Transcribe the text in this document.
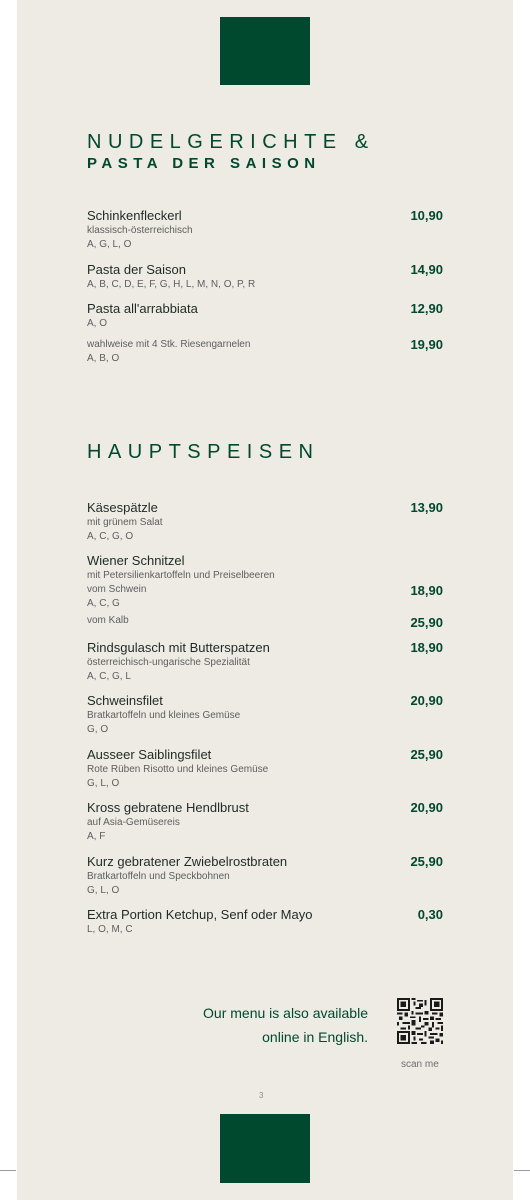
NUDELGERICHTE &
PASTA DER SAISON
Schinkenfleckerl
klassisch-österreichisch
A, G, L, O
10,90
Pasta der Saison
A, B, C, D, E, F, G, H, L, M, N, O, P, R
14,90
Pasta all'arrabbiata
A, O
12,90
wahlweise mit 4 Stk. Riesengarnelen
A, B, O
19,90
HAUPTSPEISEN
Käsespätzle
mit grünem Salat
A, C, G, O
13,90
Wiener Schnitzel
mit Petersilienkartoffeln und Preiselbeeren
vom Schwein
A, C, G
vom Kalb
18,90
25,90
Rindsgulasch mit Butterspatzen
österreichisch-ungarische Spezialität
A, C, G, L
18,90
Schweinsfilet
Bratkartoffeln und kleines Gemüse
G, O
20,90
Ausseer Saiblingsfilet
Rote Rüben Risotto und kleines Gemüse
G, L, O
25,90
Kross gebratene Hendlbrust
auf Asia-Gemüsereis
A, F
20,90
Kurz gebratener Zwiebelrostbraten
Bratkartoffeln und Speckbohnen
G, L, O
25,90
Extra Portion Ketchup, Senf oder Mayo
L, O, M, C
0,30
Our menu is also available
online in English.
scan me
3
